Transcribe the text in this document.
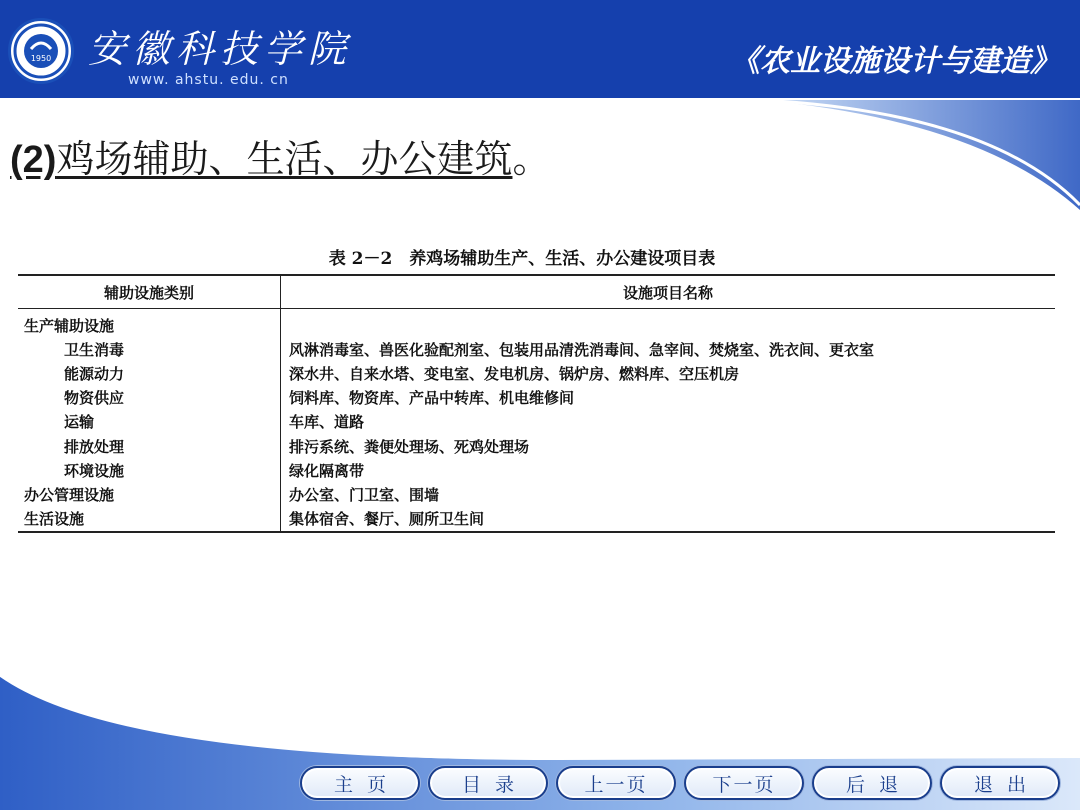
1950 安徽科技学院
www. ahstu. edu. cn
《农业设施设计与建造》
(2)鸡场辅助、生活、办公建筑。
表 2－2　养鸡场辅助生产、生活、办公建设项目表
辅助设施类别	设施项目名称
生产辅助设施	
卫生消毒	风淋消毒室、兽医化验配剂室、包装用品清洗消毒间、急宰间、焚烧室、洗衣间、更衣室
能源动力	深水井、自来水塔、变电室、发电机房、锅炉房、燃料库、空压机房
物资供应	饲料库、物资库、产品中转库、机电维修间
运输	车库、道路
排放处理	排污系统、粪便处理场、死鸡处理场
环境设施	绿化隔离带
办公管理设施	办公室、门卫室、围墙
生活设施	集体宿舍、餐厅、厕所卫生间
主页	目录	上一页	下一页	后退	退出
